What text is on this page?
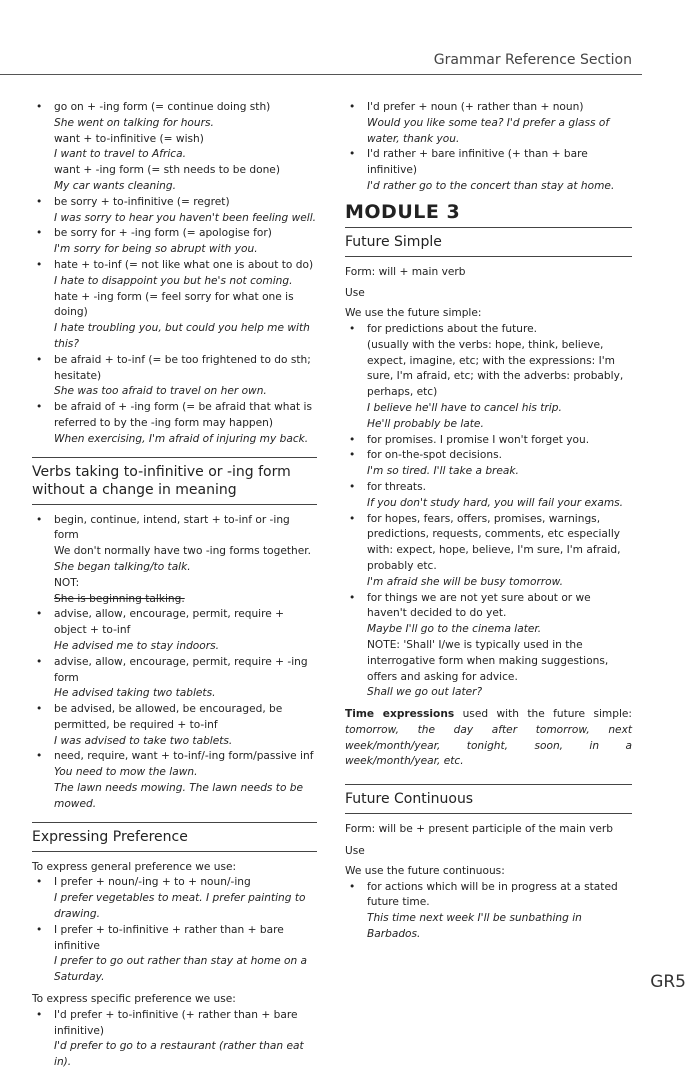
Grammar Reference Section
• go on + -ing form (= continue doing sth)
She went on talking for hours.
want + to-infinitive (= wish)
I want to travel to Africa.
want + -ing form (= sth needs to be done)
My car wants cleaning.
• be sorry + to-infinitive (= regret)
I was sorry to hear you haven't been feeling well.
• be sorry for + -ing form (= apologise for)
I'm sorry for being so abrupt with you.
• hate + to-inf (= not like what one is about to do)
I hate to disappoint you but he's not coming.
hate + -ing form (= feel sorry for what one is doing)
I hate troubling you, but could you help me with this?
• be afraid + to-inf (= be too frightened to do sth; hesitate)
She was too afraid to travel on her own.
• be afraid of + -ing form (= be afraid that what is referred to by the -ing form may happen)
When exercising, I'm afraid of injuring my back.
Verbs taking to-infinitive or -ing form
without a change in meaning
• begin, continue, intend, start + to-inf or -ing form
We don't normally have two -ing forms together.
She began talking/to talk.
NOT:
She is beginning talking.
• advise, allow, encourage, permit, require + object + to-inf
He advised me to stay indoors.
• advise, allow, encourage, permit, require + -ing form
He advised taking two tablets.
• be advised, be allowed, be encouraged, be permitted, be required + to-inf
I was advised to take two tablets.
• need, require, want + to-inf/-ing form/passive inf
You need to mow the lawn.
The lawn needs mowing. The lawn needs to be mowed.
Expressing Preference
To express general preference we use:
• I prefer + noun/-ing + to + noun/-ing
I prefer vegetables to meat. I prefer painting to drawing.
• I prefer + to-infinitive + rather than + bare infinitive
I prefer to go out rather than stay at home on a Saturday.
To express specific preference we use:
• I'd prefer + to-infinitive (+ rather than + bare infinitive)
I'd prefer to go to a restaurant (rather than eat in).
• I'd prefer + noun (+ rather than + noun)
Would you like some tea? I'd prefer a glass of water, thank you.
• I'd rather + bare infinitive (+ than + bare infinitive)
I'd rather go to the concert than stay at home.
MODULE 3
Future Simple
Form: will + main verb
Use
We use the future simple:
• for predictions about the future.
(usually with the verbs: hope, think, believe, expect, imagine, etc; with the expressions: I'm sure, I'm afraid, etc; with the adverbs: probably, perhaps, etc)
I believe he'll have to cancel his trip.
He'll probably be late.
• for promises. I promise I won't forget you.
• for on-the-spot decisions.
I'm so tired. I'll take a break.
• for threats.
If you don't study hard, you will fail your exams.
• for hopes, fears, offers, promises, warnings, predictions, requests, comments, etc especially with: expect, hope, believe, I'm sure, I'm afraid, probably etc.
I'm afraid she will be busy tomorrow.
• for things we are not yet sure about or we haven't decided to do yet.
Maybe I'll go to the cinema later.
NOTE: 'Shall' I/we is typically used in the interrogative form when making suggestions, offers and asking for advice.
Shall we go out later?
Time expressions used with the future simple: tomorrow, the day after tomorrow, next week/month/year, tonight, soon, in a week/month/year, etc.
Future Continuous
Form: will be + present participle of the main verb
Use
We use the future continuous:
• for actions which will be in progress at a stated future time.
This time next week I'll be sunbathing in Barbados.
GR5
